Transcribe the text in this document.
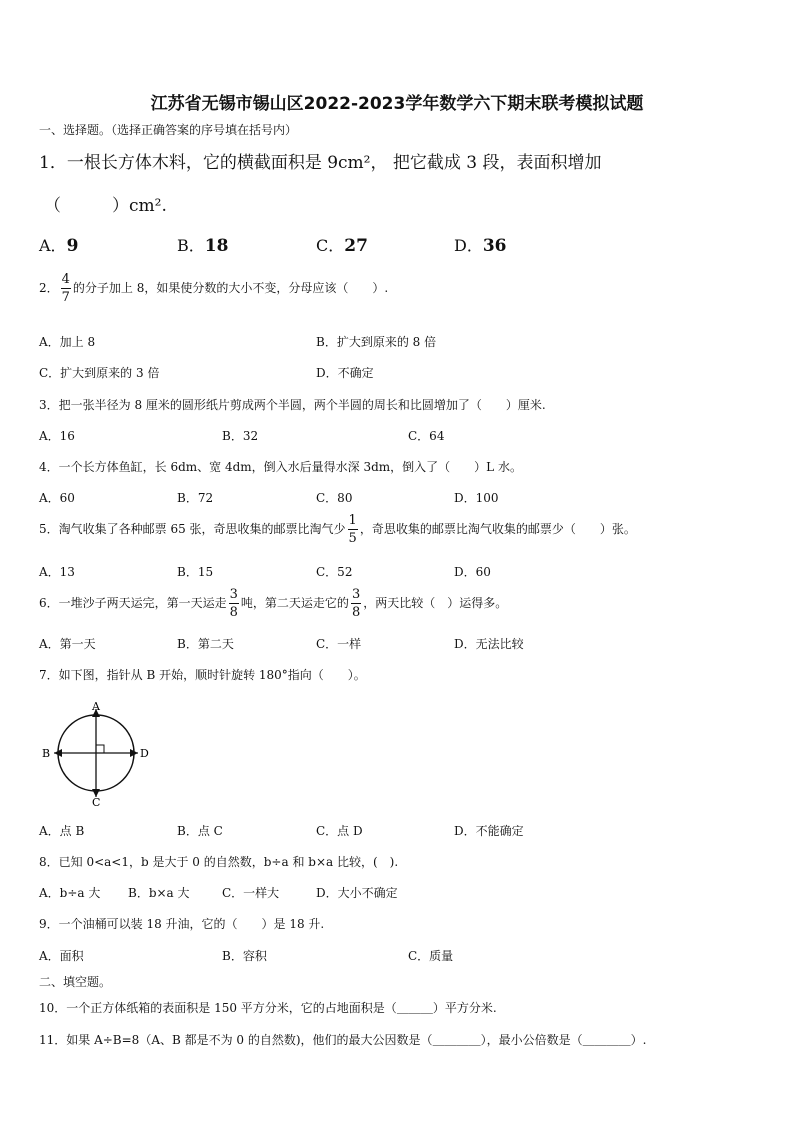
江苏省无锡市锡山区2022-2023学年数学六下期末联考模拟试题
一、选择题。（选择正确答案的序号填在括号内）
1．一根长方体木料，它的横截面积是 9cm²， 把它截成 3 段，表面积增加
（　　　）cm².
A．9	B．18	C．27	D．36
2． $\frac{4}{7}$ 的分子加上 8，如果使分数的大小不变，分母应该（　　）.
A．加上 8	B．扩大到原来的 8 倍
C．扩大到原来的 3 倍	D．不确定
3．把一张半径为 8 厘米的圆形纸片剪成两个半圆，两个半圆的周长和比圆增加了（　　）厘米.
A．16	B．32	C．64
4．一个长方体鱼缸，长 6dm、宽 4dm，倒入水后量得水深 3dm，倒入了（　　）L 水。
A．60	B．72	C．80	D．100
5．淘气收集了各种邮票 65 张，奇思收集的邮票比淘气少 $\frac{1}{5}$ ，奇思收集的邮票比淘气收集的邮票少（　　）张。
A．13	B．15	C．52	D．60
6．一堆沙子两天运完，第一天运走 $\frac{3}{8}$ 吨，第二天运走它的 $\frac{3}{8}$ ，两天比较（　）运得多。
A．第一天	B．第二天	C．一样	D．无法比较
7．如下图，指针从 B 开始，顺时针旋转 180°指向（　　）。
A
B
C
D
A．点 B	B．点 C	C．点 D	D．不能确定
8．已知 0<a<1，b 是大于 0 的自然数，b÷a 和 b×a 比较，(　).
A．b÷a 大 B．b×a 大	C．一样大	D．大小不确定
9．一个油桶可以装 18 升油，它的（　　）是 18 升.
A．面积	B．容积	C．质量
二、填空题。
10．一个正方体纸箱的表面积是 150 平方分米，它的占地面积是（＿＿＿）平方分米.
11．如果 A÷B=8（A、B 都是不为 0 的自然数)，他们的最大公因数是（＿＿＿＿），最小公倍数是（＿＿＿＿）.
